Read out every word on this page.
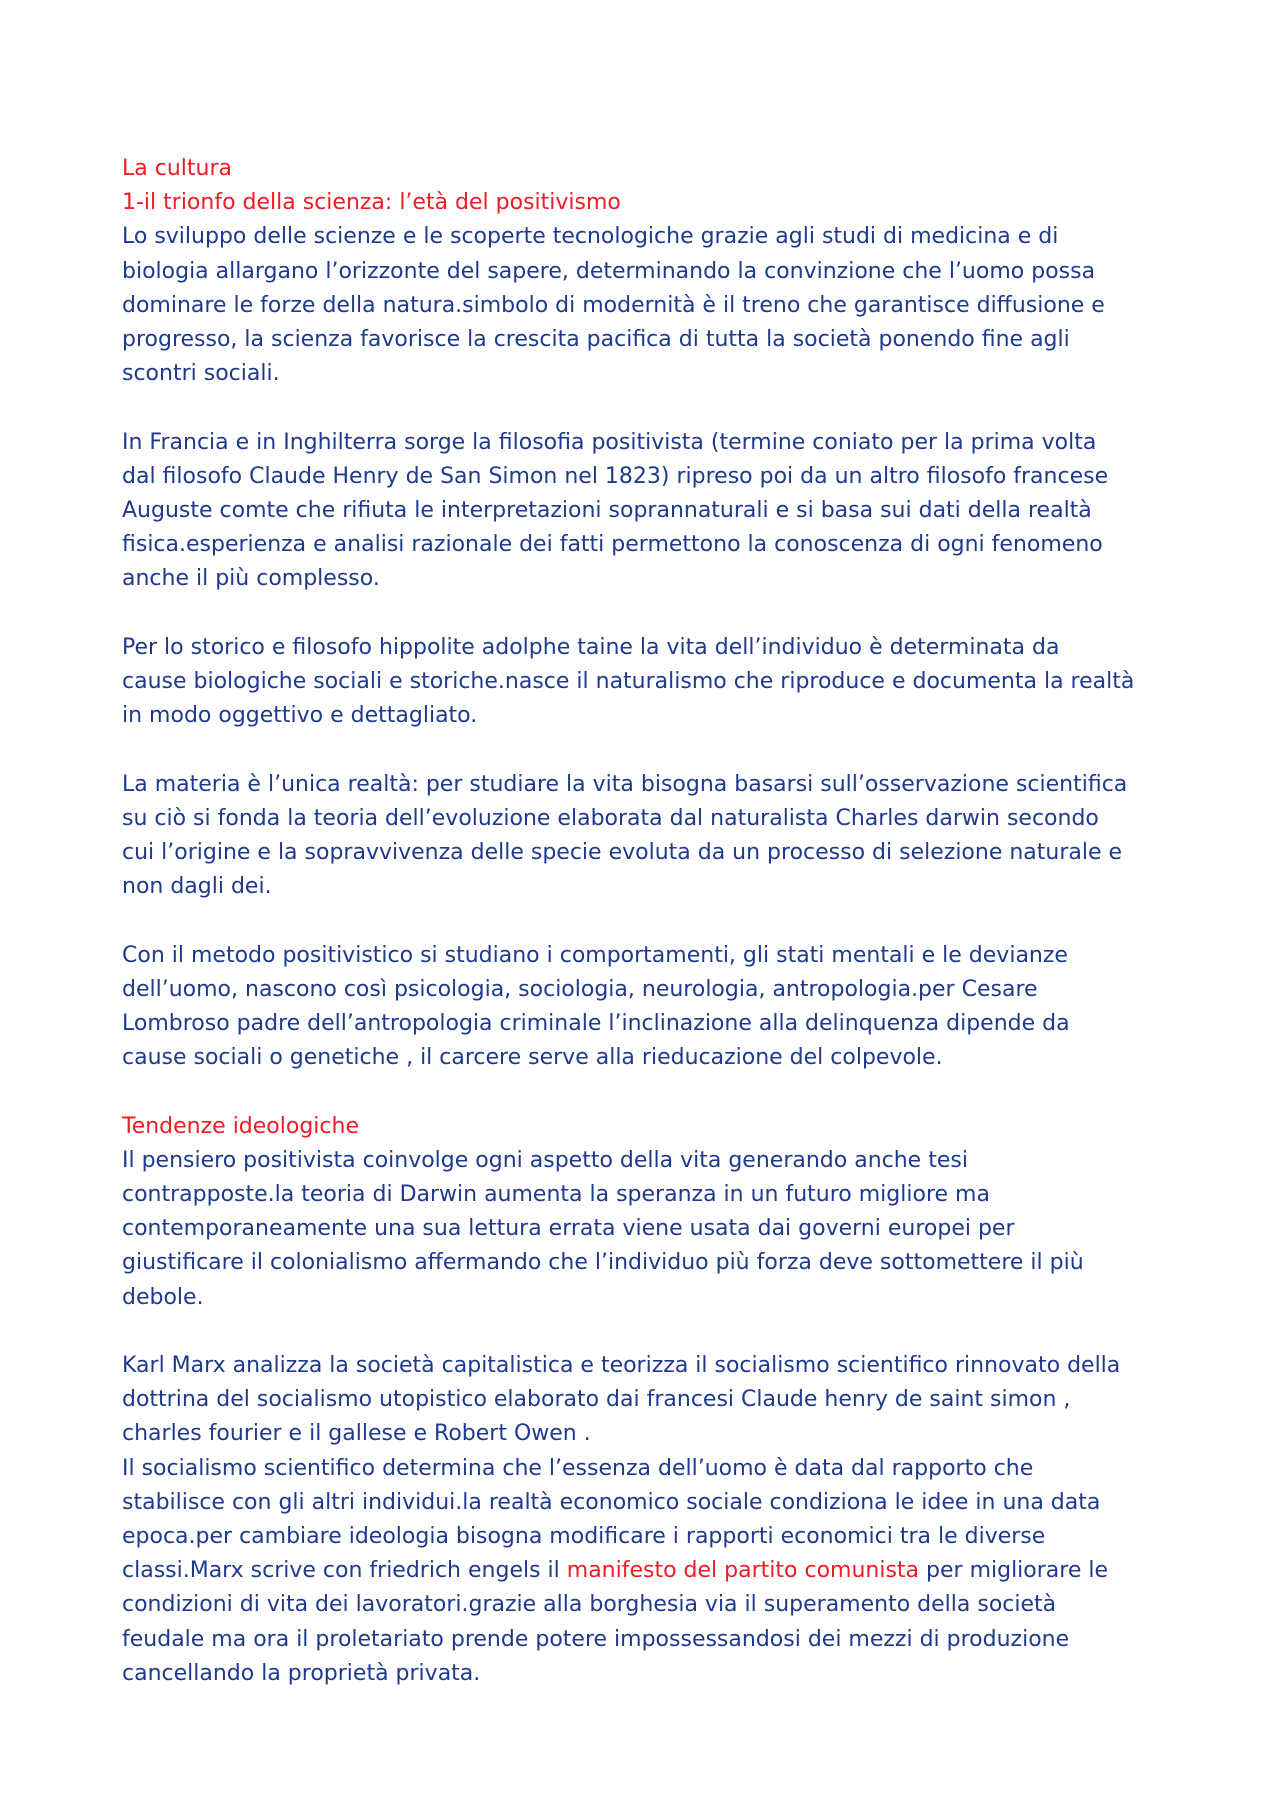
La cultura
1-il trionfo della scienza: l’età del positivismo
Lo sviluppo delle scienze e le scoperte tecnologiche grazie agli studi di medicina e di
biologia allargano l’orizzonte del sapere, determinando la convinzione che l’uomo possa
dominare le forze della natura.simbolo di modernità è il treno che garantisce diffusione e
progresso, la scienza favorisce la crescita pacifica di tutta la società ponendo fine agli
scontri sociali.
In Francia e in Inghilterra sorge la filosofia positivista (termine coniato per la prima volta
dal filosofo Claude Henry de San Simon nel 1823) ripreso poi da un altro filosofo francese
Auguste comte che rifiuta le interpretazioni soprannaturali e si basa sui dati della realtà
fisica.esperienza e analisi razionale dei fatti permettono la conoscenza di ogni fenomeno
anche il più complesso.
Per lo storico e filosofo hippolite adolphe taine la vita dell’individuo è determinata da
cause biologiche sociali e storiche.nasce il naturalismo che riproduce e documenta la realtà
in modo oggettivo e dettagliato.
La materia è l’unica realtà: per studiare la vita bisogna basarsi sull’osservazione scientifica
su ciò si fonda la teoria dell’evoluzione elaborata dal naturalista Charles darwin secondo
cui l’origine e la sopravvivenza delle specie evoluta da un processo di selezione naturale e
non dagli dei.
Con il metodo positivistico si studiano i comportamenti, gli stati mentali e le devianze
dell’uomo, nascono così psicologia, sociologia, neurologia, antropologia.per Cesare
Lombroso padre dell’antropologia criminale l’inclinazione alla delinquenza dipende da
cause sociali o genetiche , il carcere serve alla rieducazione del colpevole.
Tendenze ideologiche
Il pensiero positivista coinvolge ogni aspetto della vita generando anche tesi
contrapposte.la teoria di Darwin aumenta la speranza in un futuro migliore ma
contemporaneamente una sua lettura errata viene usata dai governi europei per
giustificare il colonialismo affermando che l’individuo più forza deve sottomettere il più
debole.
Karl Marx analizza la società capitalistica e teorizza il socialismo scientifico rinnovato della
dottrina del socialismo utopistico elaborato dai francesi Claude henry de saint simon ,
charles fourier e il gallese e Robert Owen .
Il socialismo scientifico determina che l’essenza dell’uomo è data dal rapporto che
stabilisce con gli altri individui.la realtà economico sociale condiziona le idee in una data
epoca.per cambiare ideologia bisogna modificare i rapporti economici tra le diverse
classi.Marx scrive con friedrich engels il manifesto del partito comunista per migliorare le
condizioni di vita dei lavoratori.grazie alla borghesia via il superamento della società
feudale ma ora il proletariato prende potere impossessandosi dei mezzi di produzione
cancellando la proprietà privata.
